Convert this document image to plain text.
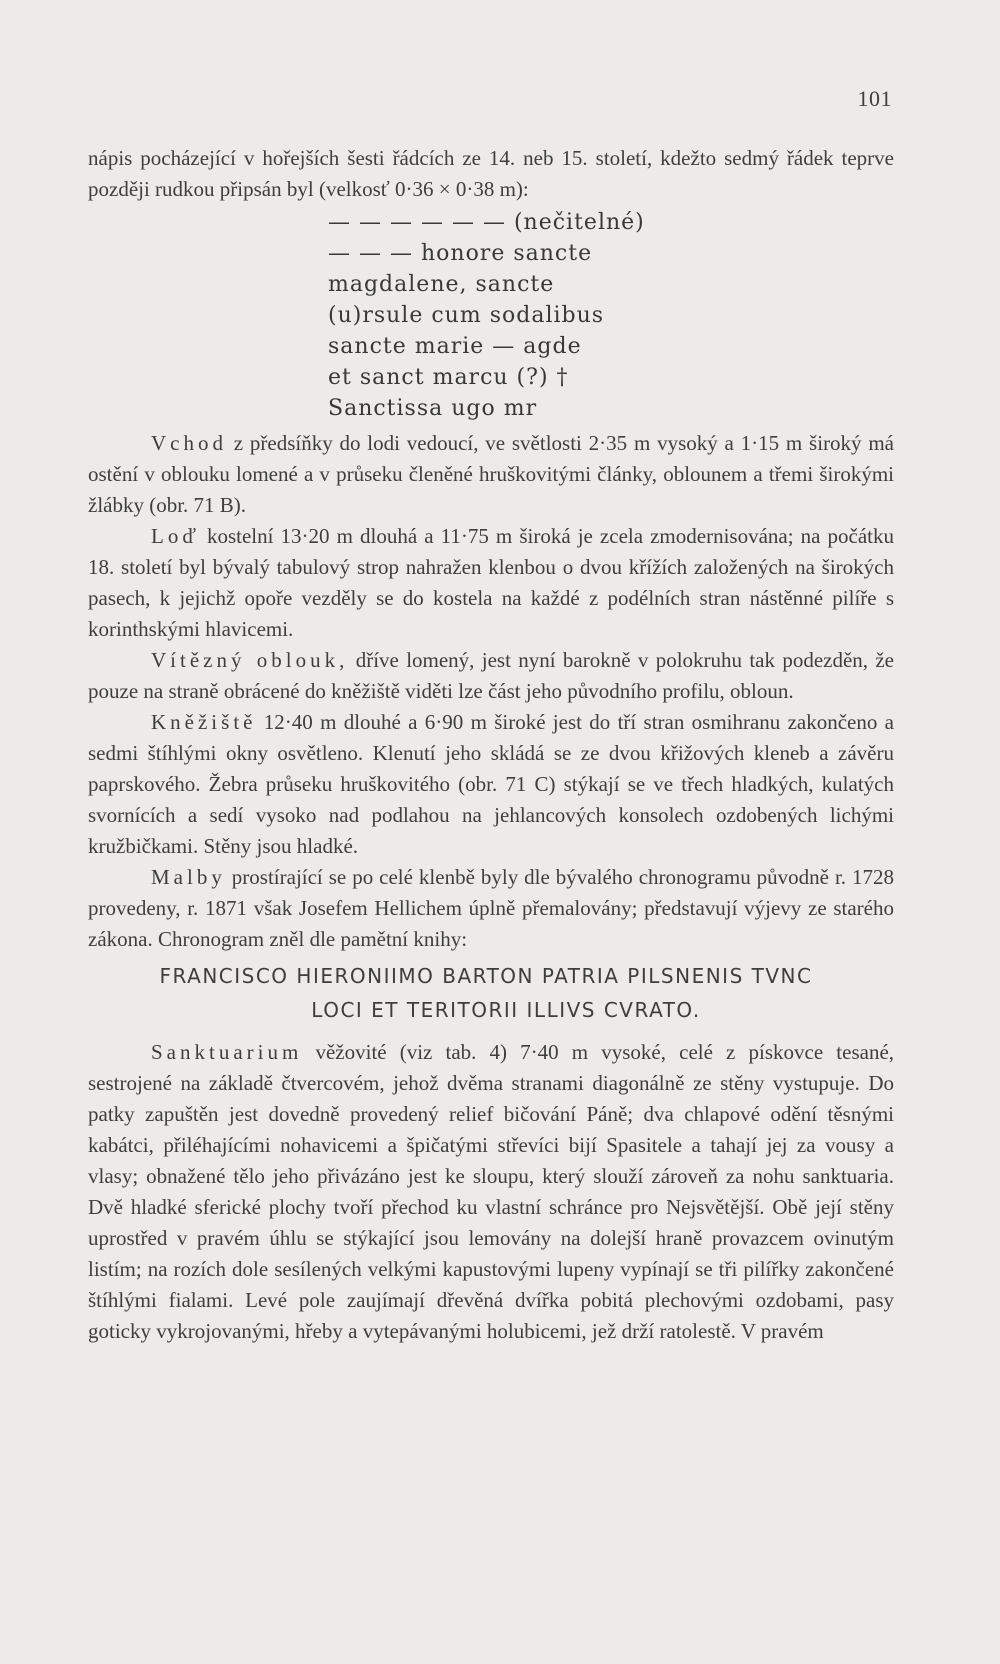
101

nápis pocházející v hořejších šesti řádcích ze 14. neb 15. století, kdežto sedmý řádek teprve později rudkou připsán byl (velkosť 0·36 × 0·38 m):

— — — — — — (nečitelné)
— — — honore sancte
magdalene, sancte
(u)rsule cum sodalibus
sancte marie — agde
et sanct marcu (?) †
Sanctissa ugo mr

Vchod z předsíňky do lodi vedoucí, ve světlosti 2·35 m vysoký a 1·15 m široký má ostění v oblouku lomené a v průseku členěné hruškovitými články, oblounem a třemi širokými žlábky (obr. 71 B).

Loď kostelní 13·20 m dlouhá a 11·75 m široká je zcela zmodernisována; na počátku 18. století byl bývalý tabulový strop nahražen klenbou o dvou křížích založených na širokých pasech, k jejichž opoře vezděly se do kostela na každé z podélních stran nástěnné pilíře s korinthskými hlavicemi.

Vítězný oblouk, dříve lomený, jest nyní barokně v polokruhu tak podezděn, že pouze na straně obrácené do kněžiště viděti lze část jeho původního profilu, obloun.

Kněžiště 12·40 m dlouhé a 6·90 m široké jest do tří stran osmihranu zakončeno a sedmi štíhlými okny osvětleno. Klenutí jeho skládá se ze dvou křižových kleneb a závěru paprskového. Žebra průseku hruškovitého (obr. 71 C) stýkají se ve třech hladkých, kulatých svornících a sedí vysoko nad podlahou na jehlancových konsolech ozdobených lichými kružbičkami. Stěny jsou hladké.

Malby prostírající se po celé klenbě byly dle bývalého chronogramu původně r. 1728 provedeny, r. 1871 však Josefem Hellichem úplně přemalovány; představují výjevy ze starého zákona. Chronogram zněl dle pamětní knihy:

FRANCISCO HIERONIIMO BARTON PATRIA PILSNENIS TVNC
LOCI ET TERITORII ILLIVS CVRATO.

Sanktuarium věžovité (viz tab. 4) 7·40 m vysoké, celé z pískovce tesané, sestrojené na základě čtvercovém, jehož dvěma stranami diagonálně ze stěny vystupuje. Do patky zapuštěn jest dovedně provedený relief bičování Páně; dva chlapové odění těsnými kabátci, přiléhajícími nohavicemi a špičatými střevíci bijí Spasitele a tahají jej za vousy a vlasy; obnažené tělo jeho přivázáno jest ke sloupu, který slouží zároveň za nohu sanktuaria. Dvě hladké sferické plochy tvoří přechod ku vlastní schránce pro Nejsvětější. Obě její stěny uprostřed v pravém úhlu se stýkající jsou lemovány na dolejší hraně provazcem ovinutým listím; na rozích dole sesílených velkými kapustovými lupeny vypínají se tři pilířky zakončené štíhlými fialami. Levé pole zaujímají dřevěná dvířka pobitá plechovými ozdobami, pasy goticky vykrojovanými, hřeby a vytepávanými holubicemi, jež drží ratolestě. V pravém
